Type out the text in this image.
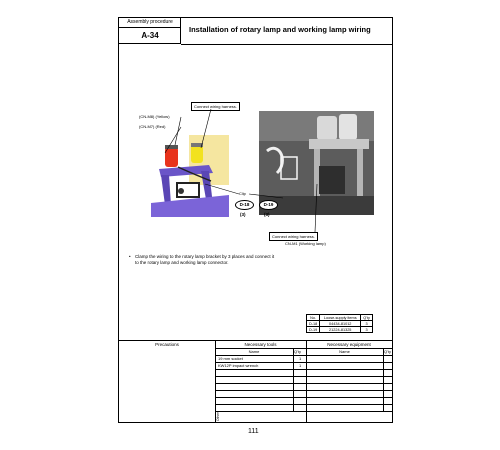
Assembly procedure
A-34
Installation of rotary lamp and working lamp wiring
Connect wiring harness.
(CN-M8) (Yellow)
(CN-M7) (Red)
Clip
Connect wiring harness.
CN-M1 (Working lamp)
D-18
(3)
D-19
(3)
• Clamp the wiring to the rotary lamp bracket by 3 places and connect it to the rotary lamp and working lamp connector.
No.	Loose-supply items	Q'ty
D-18	04434-81012	3
D-19	21224-81325	3
Precautions	Necessary tools	Necessary equipment
Name	Q'ty	Name	Q'ty
19 mm socket	1
KW12P impact wrench	1
Others
111
